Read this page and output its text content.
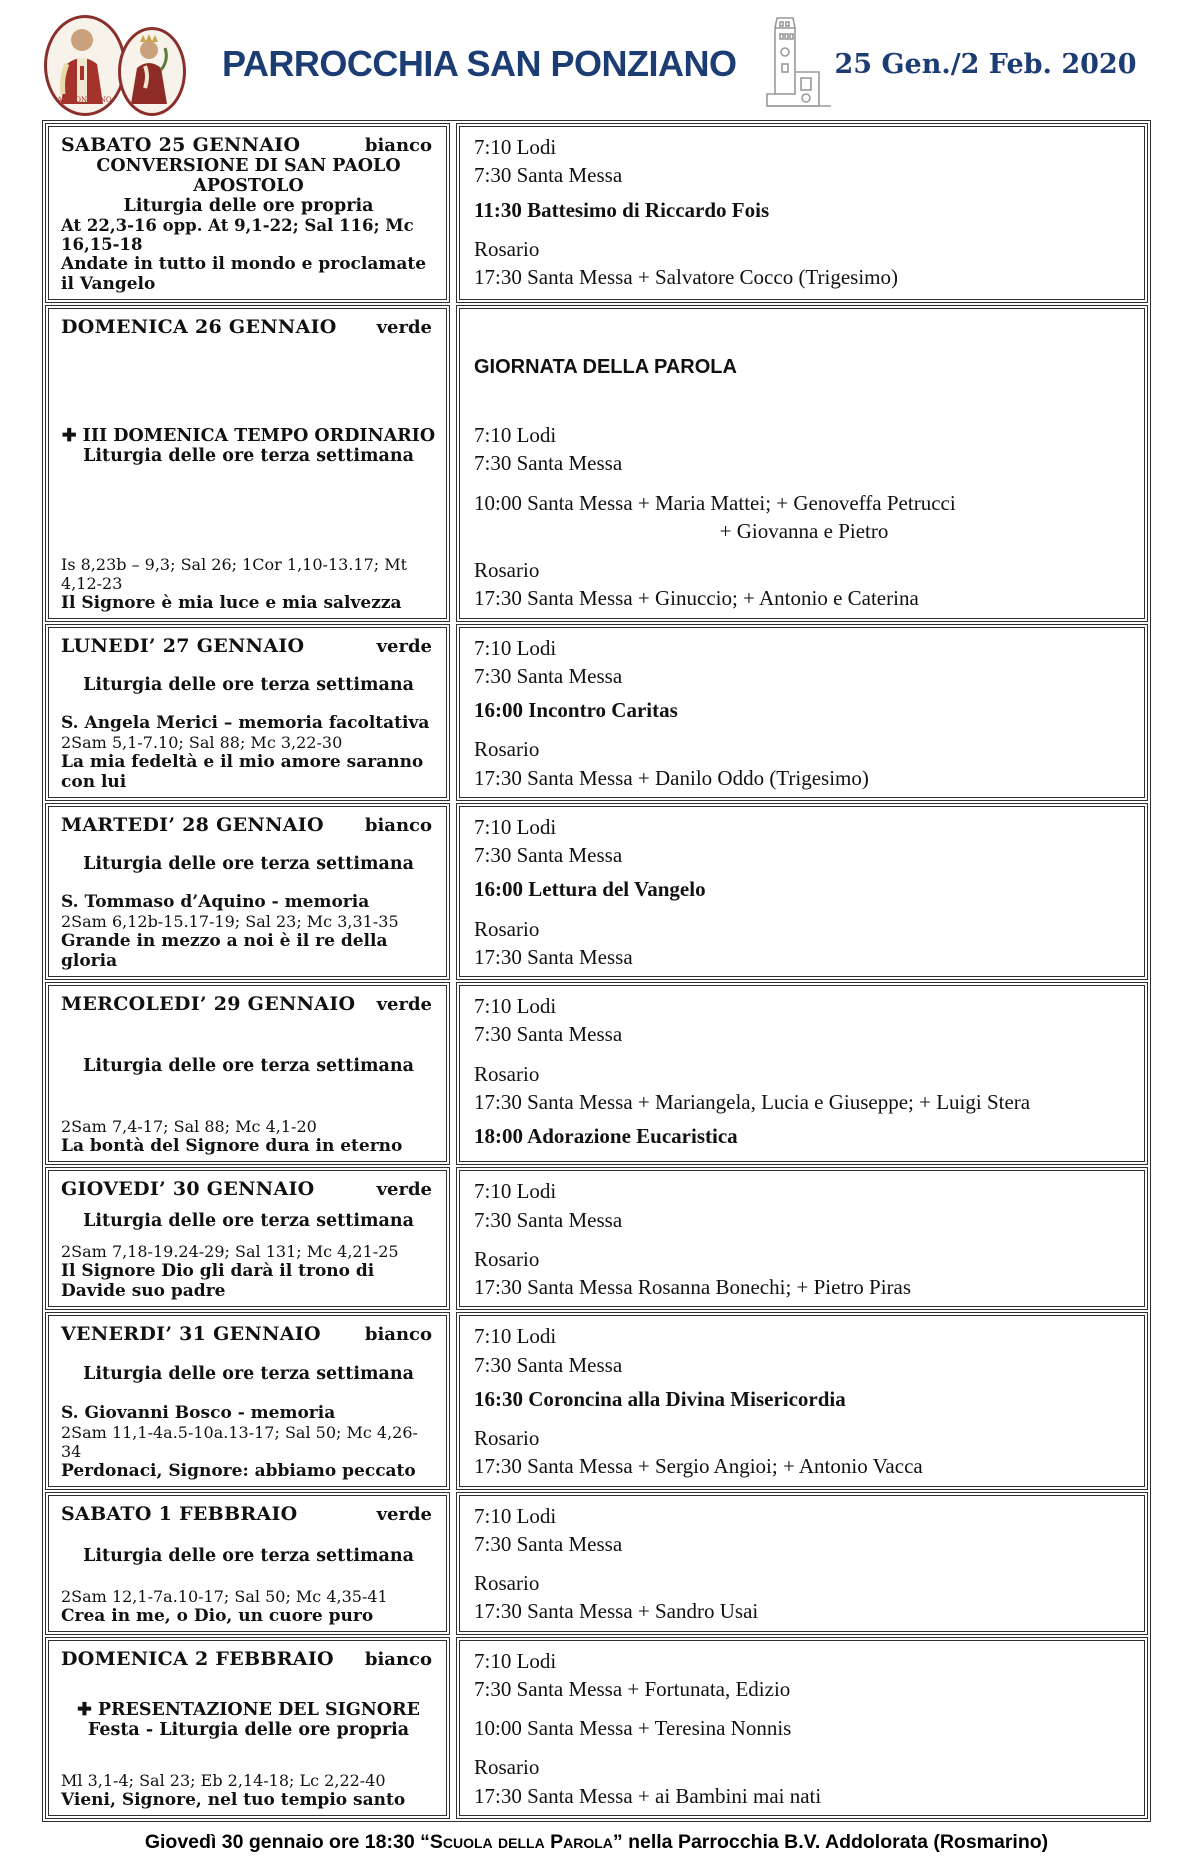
SAN PONZIANO
PARROCCHIA SAN PONZIANO	25 Gen./2 Feb. 2020
SABATO 25 GENNAIO	bianco
CONVERSIONE DI SAN PAOLO APOSTOLO
Liturgia delle ore propria
At 22,3-16 opp. At 9,1-22; Sal 116; Mc 16,15-18
Andate in tutto il mondo e proclamate il Vangelo
7:10 Lodi
7:30 Santa Messa
11:30 Battesimo di Riccardo Fois
Rosario
17:30 Santa Messa + Salvatore Cocco (Trigesimo)
DOMENICA 26 GENNAIO verde
✚ III DOMENICA TEMPO ORDINARIO
Liturgia delle ore terza settimana
Is 8,23b – 9,3; Sal 26; 1Cor 1,10-13.17; Mt 4,12-23
Il Signore è mia luce e mia salvezza
GIORNATA DELLA PAROLA
7:10 Lodi
7:30 Santa Messa
10:00 Santa Messa + Maria Mattei; + Genoveffa Petrucci
+ Giovanna e Pietro
Rosario
17:30 Santa Messa + Ginuccio; + Antonio e Caterina
LUNEDI’ 27 GENNAIO	verde
Liturgia delle ore terza settimana
S. Angela Merici – memoria facoltativa
2Sam 5,1-7.10; Sal 88; Mc 3,22-30
La mia fedeltà e il mio amore saranno con lui
7:10 Lodi
7:30 Santa Messa
16:00 Incontro Caritas
Rosario
17:30 Santa Messa + Danilo Oddo (Trigesimo)
MARTEDI’ 28 GENNAIO bianco
Liturgia delle ore terza settimana
S. Tommaso d’Aquino - memoria
2Sam 6,12b-15.17-19; Sal 23; Mc 3,31-35
Grande in mezzo a noi è il re della gloria
7:10 Lodi
7:30 Santa Messa
16:00 Lettura del Vangelo
Rosario
17:30 Santa Messa
MERCOLEDI’ 29 GENNAIO verde
Liturgia delle ore terza settimana
2Sam 7,4-17; Sal 88; Mc 4,1-20
La bontà del Signore dura in eterno
7:10 Lodi
7:30 Santa Messa
Rosario
17:30 Santa Messa + Mariangela, Lucia e Giuseppe; + Luigi Stera
18:00 Adorazione Eucaristica
GIOVEDI’ 30 GENNAIO	verde
Liturgia delle ore terza settimana
2Sam 7,18-19.24-29; Sal 131; Mc 4,21-25
Il Signore Dio gli darà il trono di Davide suo padre
7:10 Lodi
7:30 Santa Messa
Rosario
17:30 Santa Messa Rosanna Bonechi; + Pietro Piras
VENERDI’ 31 GENNAIO bianco
Liturgia delle ore terza settimana
S. Giovanni Bosco - memoria
2Sam 11,1-4a.5-10a.13-17; Sal 50; Mc 4,26-34
Perdonaci, Signore: abbiamo peccato
7:10 Lodi
7:30 Santa Messa
16:30 Coroncina alla Divina Misericordia
Rosario
17:30 Santa Messa + Sergio Angioi; + Antonio Vacca
SABATO 1 FEBBRAIO	verde
Liturgia delle ore terza settimana
2Sam 12,1-7a.10-17; Sal 50; Mc 4,35-41
Crea in me, o Dio, un cuore puro
7:10 Lodi
7:30 Santa Messa
Rosario
17:30 Santa Messa + Sandro Usai
DOMENICA 2 FEBBRAIO bianco
✚ PRESENTAZIONE DEL SIGNORE
Festa - Liturgia delle ore propria
Ml 3,1-4; Sal 23; Eb 2,14-18; Lc 2,22-40
Vieni, Signore, nel tuo tempio santo
7:10 Lodi
7:30 Santa Messa + Fortunata, Edizio
10:00 Santa Messa + Teresina Nonnis
Rosario
17:30 Santa Messa + ai Bambini mai nati
Giovedì 30 gennaio ore 18:30 “Scuola della Parola” nella Parrocchia B.V. Addolorata (Rosmarino)
